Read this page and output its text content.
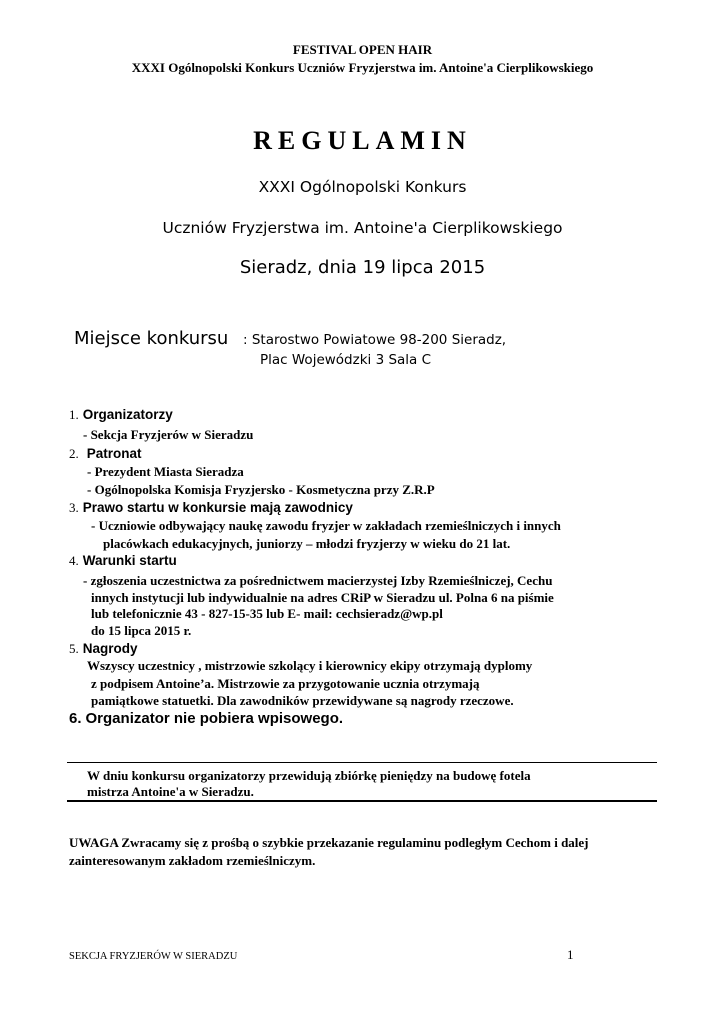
FESTIVAL OPEN HAIR
XXXI Ogólnopolski Konkurs Uczniów Fryzjerstwa im. Antoine'a Cierplikowskiego
REGULAMIN
XXXI Ogólnopolski Konkurs
Uczniów Fryzjerstwa im. Antoine'a Cierplikowskiego
Sieradz, dnia 19 lipca 2015
Miejsce konkursu : Starostwo Powiatowe 98-200 Sieradz,
Plac Wojewódzki 3 Sala C
1. Organizatorzy
- Sekcja Fryzjerów w Sieradzu
2. Patronat
- Prezydent Miasta Sieradza
- Ogólnopolska Komisja Fryzjersko - Kosmetyczna przy Z.R.P
3. Prawo startu w konkursie mają zawodnicy
- Uczniowie odbywający naukę zawodu fryzjer w zakładach rzemieślniczych i innych
placówkach edukacyjnych, juniorzy – młodzi fryzjerzy w wieku do 21 lat.
4. Warunki startu
- zgłoszenia uczestnictwa za pośrednictwem macierzystej Izby Rzemieślniczej, Cechu
innych instytucji lub indywidualnie na adres CRiP w Sieradzu ul. Polna 6 na piśmie
lub telefonicznie 43 - 827-15-35 lub E- mail: cechsieradz@wp.pl
do 15 lipca 2015 r.
5. Nagrody
Wszyscy uczestnicy , mistrzowie szkolący i kierownicy ekipy otrzymają dyplomy
z podpisem Antoine’a. Mistrzowie za przygotowanie ucznia otrzymają
pamiątkowe statuetki. Dla zawodników przewidywane są nagrody rzeczowe.
6. Organizator nie pobiera wpisowego.
W dniu konkursu organizatorzy przewidują zbiórkę pieniędzy na budowę fotela
mistrza Antoine'a w Sieradzu.
UWAGA Zwracamy się z prośbą o szybkie przekazanie regulaminu podległym Cechom i dalej
zainteresowanym zakładom rzemieślniczym.
SEKCJA FRYZJERÓW W SIERADZU	1
